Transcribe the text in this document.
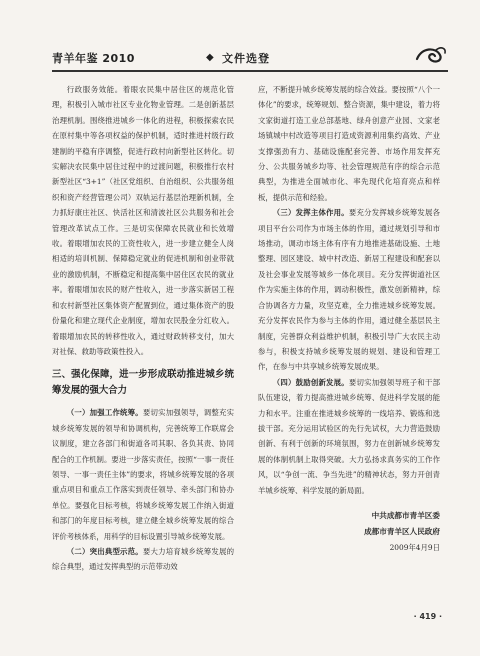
青羊年鉴 2010	◆ 文件选登

行政服务效能。着眼农民集中居住区的规范化管理，积极引入城市社区专业化物业管理。二是创新基层治理机制。围绕推进城乡一体化的进程，积极探索农民在原村集中等各项权益的保护机制，适时推进村级行政建制的平稳有序调整，促进行政村向新型社区转化。切实解决农民集中居住过程中的过渡问题，积极推行农村新型社区“3+1”（社区党组织、自治组织、公共服务组织和资产经营管理公司）双轨运行基层治理新机制，全力抓好康庄社区、快活社区和清波社区公共服务和社会管理改革试点工作。三是切实保障农民就业和长效增收。着眼增加农民的工资性收入，进一步建立健全人岗相适的培训机制、保障稳定就业的促进机制和创业带就业的激励机制，不断稳定和提高集中居住区农民的就业率。着眼增加农民的财产性收入，进一步落实新居工程和农村新型社区集体资产配置到位，通过集体资产的股份量化和建立现代企业制度，增加农民股金分红收入。着眼增加农民的转移性收入，通过财政转移支付，加大对社保、救助等政策性投入。

三、强化保障，进一步形成联动推进城乡统筹发展的强大合力

（一）加强工作统筹。要切实加强领导，调整充实城乡统筹发展的领导和协调机构，完善统筹工作联席会议制度，建立各部门和街道各司其职、各负其责、协同配合的工作机制。要进一步落实责任，按照“一事一责任领导、一事一责任主体”的要求，将城乡统筹发展的各项重点项目和重点工作落实到责任领导、牵头部门和协办单位。要强化目标考核，将城乡统筹发展工作纳入街道和部门的年度目标考核，建立健全城乡统筹发展的综合评价考核体系，用科学的目标设置引导城乡统筹发展。

（二）突出典型示范。要大力培育城乡统筹发展的综合典型，通过发挥典型的示范带动效

应，不断提升城乡统筹发展的综合效益。要按照“八个一体化”的要求，统筹规划、整合资源，集中建设，着力将文家街道打造工业总部基地、绿舟创意产业园、文家老场镇城中村改造等项目打造成资源利用集约高效、产业支撑强劲有力、基础设施配套完善、市场作用发挥充分、公共服务城乡均等、社会管理规范有序的综合示范典型，为推进全面城市化、率先现代化培育亮点和样板，提供示范和经验。

（三）发挥主体作用。要充分发挥城乡统筹发展各项目平台公司作为市场主体的作用，通过规划引导和市场推动，调动市场主体有序有力地推进基础设施、土地整理、园区建设、城中村改造、新居工程建设和配套以及社会事业发展等城乡一体化项目。充分发挥街道社区作为实施主体的作用，调动积极性，激发创新精神，综合协调各方力量，攻坚克难，全力推进城乡统筹发展。充分发挥农民作为参与主体的作用，通过健全基层民主制度，完善群众利益维护机制，积极引导广大农民主动参与，积极支持城乡统筹发展的规划、建设和管理工作，在参与中共享城乡统筹发展成果。

（四）鼓励创新发展。要切实加强领导班子和干部队伍建设，着力提高推进城乡统筹、促进科学发展的能力和水平。注重在推进城乡统筹的一线培养、锻炼和选拔干部。充分运用试验区的先行先试权，大力营造鼓励创新、有利于创新的环境氛围，努力在创新城乡统筹发展的体制机制上取得突破。大力弘扬求真务实的工作作风，以“争创一流、争当先进”的精神状态，努力开创青羊城乡统筹、科学发展的新局面。

中共成都市青羊区委
成都市青羊区人民政府
2009年4月9日
· 419 ·
